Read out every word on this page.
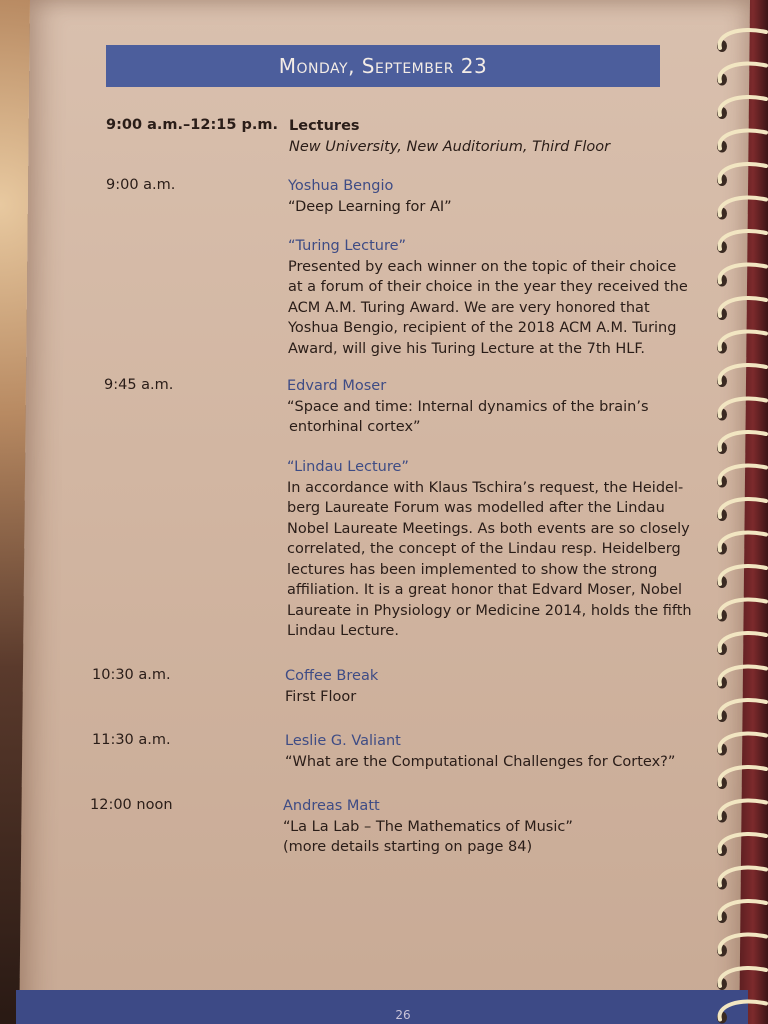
Monday, September 23
9:00 a.m.–12:15 p.m. Lectures
New University, New Auditorium, Third Floor
9:00 a.m.	Yoshua Bengio
“Deep Learning for AI”
“Turing Lecture”
Presented by each winner on the topic of their choice
at a forum of their choice in the year they received the
ACM A.M. Turing Award. We are very honored that
Yoshua Bengio, recipient of the 2018 ACM A.M. Turing
Award, will give his Turing Lecture at the 7th HLF.
9:45 a.m.	Edvard Moser
“Space and time: Internal dynamics of the brain’s
entorhinal cortex”
“Lindau Lecture”
In accordance with Klaus Tschira’s request, the Heidel-
berg Laureate Forum was modelled after the Lindau
Nobel Laureate Meetings. As both events are so closely
correlated, the concept of the Lindau resp. Heidelberg
lectures has been implemented to show the strong
affiliation. It is a great honor that Edvard Moser, Nobel
Laureate in Physiology or Medicine 2014, holds the fifth
Lindau Lecture.
10:30 a.m.	Coffee Break
First Floor
11:30 a.m.	Leslie G. Valiant
“What are the Computational Challenges for Cortex?”
12:00 noon	Andreas Matt
“La La Lab – The Mathematics of Music”
(more details starting on page 84)
26
